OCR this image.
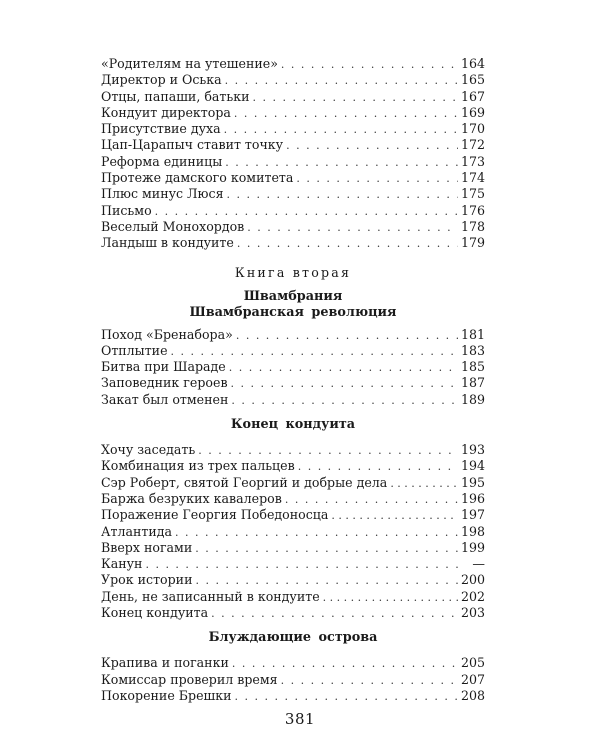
«Родителям на утешение» . . .	164
Директор и Оська . . .	165
Отцы, папаши, батьки . . .	167
Кондуит директора . . .	169
Присутствие духа . . .	170
Цап-Царапыч ставит точку . . .	172
Реформа единицы . . .	173
Протеже дамского комитета . . .	174
Плюс минус Люся . . .	175
Письмо . . .	176
Веселый Монохордов . . .	178
Ландыш в кондуите . . .	179
Книга вторая
Швамбрания
Швамбранская революция
Поход «Бренабора» . . .	181
Отплытие . . .	183
Битва при Шараде . . .	185
Заповедник героев . . .	187
Закат был отменен . . .	189
Конец кондуита
Хочу заседать . . .	193
Комбинация из трех пальцев . . .	194
Сэр Роберт, святой Георгий и добрые дела . . .	195
Баржа безруких кавалеров . . .	196
Поражение Георгия Победоносца . . .	197
Атлантида . . .	198
Вверх ногами . . .	199
Канун . . .	—
Урок истории . . .	200
День, не записанный в кондуите . . .	202
Конец кондуита . . .	203
Блуждающие острова
Крапива и поганки . . .	205
Комиссар проверил время . . .	207
Покорение Брешки . . .	208
381
